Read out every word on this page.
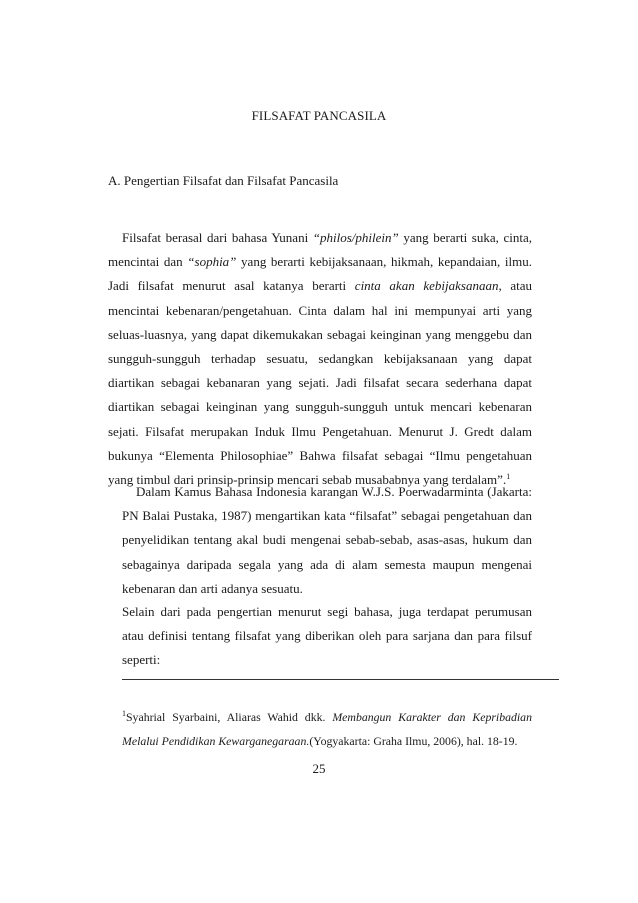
FILSAFAT PANCASILA
A. Pengertian Filsafat dan Filsafat Pancasila
Filsafat berasal dari bahasa Yunani “philos/philein” yang berarti suka, cinta, mencintai dan “sophia” yang berarti kebijaksanaan, hikmah, kepandaian, ilmu. Jadi filsafat menurut asal katanya berarti cinta akan kebijaksanaan, atau mencintai kebenaran/pengetahuan. Cinta dalam hal ini mempunyai arti yang seluas-luasnya, yang dapat dikemukakan sebagai keinginan yang menggebu dan sungguh-sungguh terhadap sesuatu, sedangkan kebijaksanaan yang dapat diartikan sebagai kebanaran yang sejati. Jadi filsafat secara sederhana dapat diartikan sebagai keinginan yang sungguh-sungguh untuk mencari kebenaran sejati. Filsafat merupakan Induk Ilmu Pengetahuan. Menurut J. Gredt dalam bukunya “Elementa Philosophiae” Bahwa filsafat sebagai “Ilmu pengetahuan yang timbul dari prinsip-prinsip mencari sebab musababnya yang terdalam”.$^1$
Dalam Kamus Bahasa Indonesia karangan W.J.S. Poerwadarminta (Jakarta: PN Balai Pustaka, 1987) mengartikan kata “filsafat” sebagai pengetahuan dan penyelidikan tentang akal budi mengenai sebab-sebab, asas-asas, hukum dan sebagainya daripada segala yang ada di alam semesta maupun mengenai kebenaran dan arti adanya sesuatu.
Selain dari pada pengertian menurut segi bahasa, juga terdapat perumusan atau definisi tentang filsafat yang diberikan oleh para sarjana dan para filsuf seperti:
$^1$Syahrial Syarbaini, Aliaras Wahid dkk. Membangun Karakter dan Kepribadian Melalui Pendidikan Kewarganegaraan.(Yogyakarta: Graha Ilmu, 2006), hal. 18-19.
25
